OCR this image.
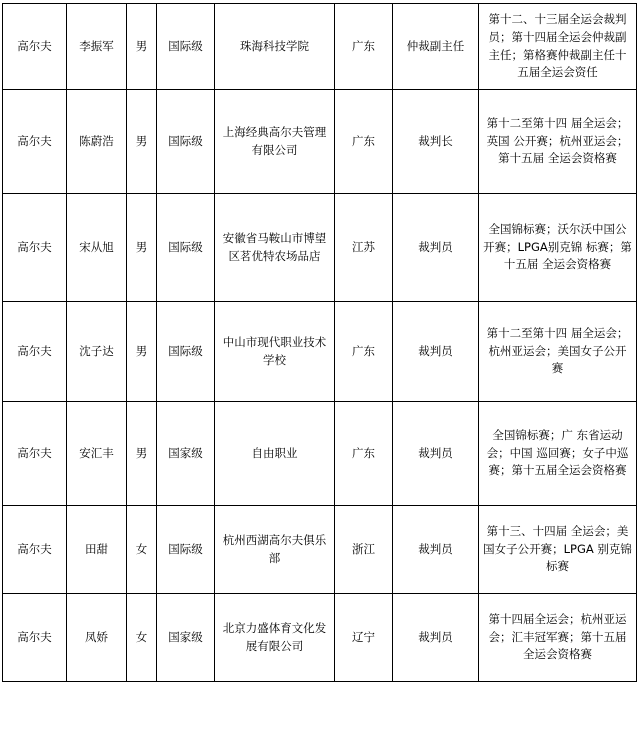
高尔夫	李振军	男	国际级	珠海科技学院	广东	仲裁副主任	第十二、十三届全运会裁判员；第十四届全运会仲裁副主任；第格赛仲裁副主任十五届全运会资任
高尔夫	陈蔚浩	男	国际级	上海经典高尔夫管理有限公司	广东	裁判长	第十二至第十四 届全运会；英国 公开赛；杭州亚运会；第十五届 全运会资格赛
高尔夫	宋从旭	男	国际级	安徽省马鞍山市博望区茗优特农场品店	江苏	裁判员	全国锦标赛；沃尔沃中国公开赛；LPGA别克锦 标赛；第十五届 全运会资格赛
高尔夫	沈子达	男	国际级	中山市现代职业技术学校	广东	裁判员	第十二至第十四 届全运会；杭州亚运会；美国女子公开赛
高尔夫	安汇丰	男	国家级	自由职业	广东	裁判员	全国锦标赛；广 东省运动会；中国 巡回赛；女子中巡赛；第十五届全运会资格赛
高尔夫	田甜	女	国际级	杭州西湖高尔夫俱乐部	浙江	裁判员	第十三、十四届 全运会；美国女子公开赛；LPGA 别克锦标赛
高尔夫	凤娇	女	国家级	北京力盛体育文化发展有限公司	辽宁	裁判员	第十四届全运会；杭州亚运会；汇丰冠军赛；第十五届全运会资格赛
